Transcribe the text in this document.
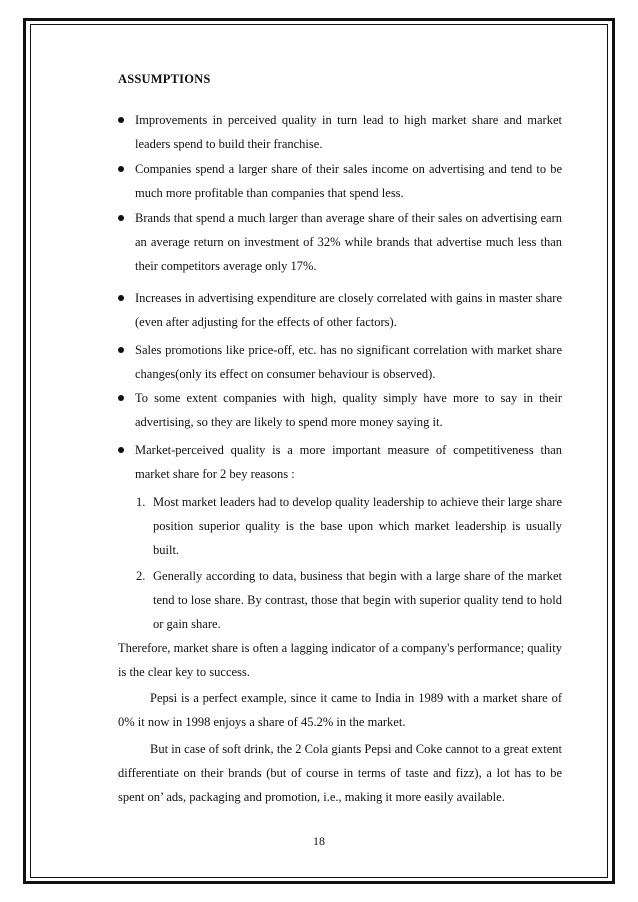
ASSUMPTIONS
Improvements in perceived quality in turn lead to high market share and market leaders spend to build their franchise.
Companies spend a larger share of their sales income on advertising and tend to be much more profitable than companies that spend less.
Brands that spend a much larger than average share of their sales on advertising earn an average return on investment of 32% while brands that advertise much less than their competitors average only 17%.
Increases in advertising expenditure are closely correlated with gains in master share (even after adjusting for the effects of other factors).
Sales promotions like price-off, etc. has no significant correlation with market share changes(only its effect on consumer behaviour is observed).
To some extent companies with high, quality simply have more to say in their advertising, so they are likely to spend more money saying it.
Market-perceived quality is a more important measure of competitiveness than market share for 2 bey reasons :
1. Most market leaders had to develop quality leadership to achieve their large share position superior quality is the base upon which market leadership is usually built.
2. Generally according to data, business that begin with a large share of the market tend to lose share. By contrast, those that begin with superior quality tend to hold or gain share.
Therefore, market share is often a lagging indicator of a company's performance; quality is the clear key to success.
Pepsi is a perfect example, since it came to India in 1989 with a market share of 0% it now in 1998 enjoys a share of 45.2% in the market.
But in case of soft drink, the 2 Cola giants Pepsi and Coke cannot to a great extent differentiate on their brands (but of course in terms of taste and fizz), a lot has to be spent on’ ads, packaging and promotion, i.e., making it more easily available.
18
